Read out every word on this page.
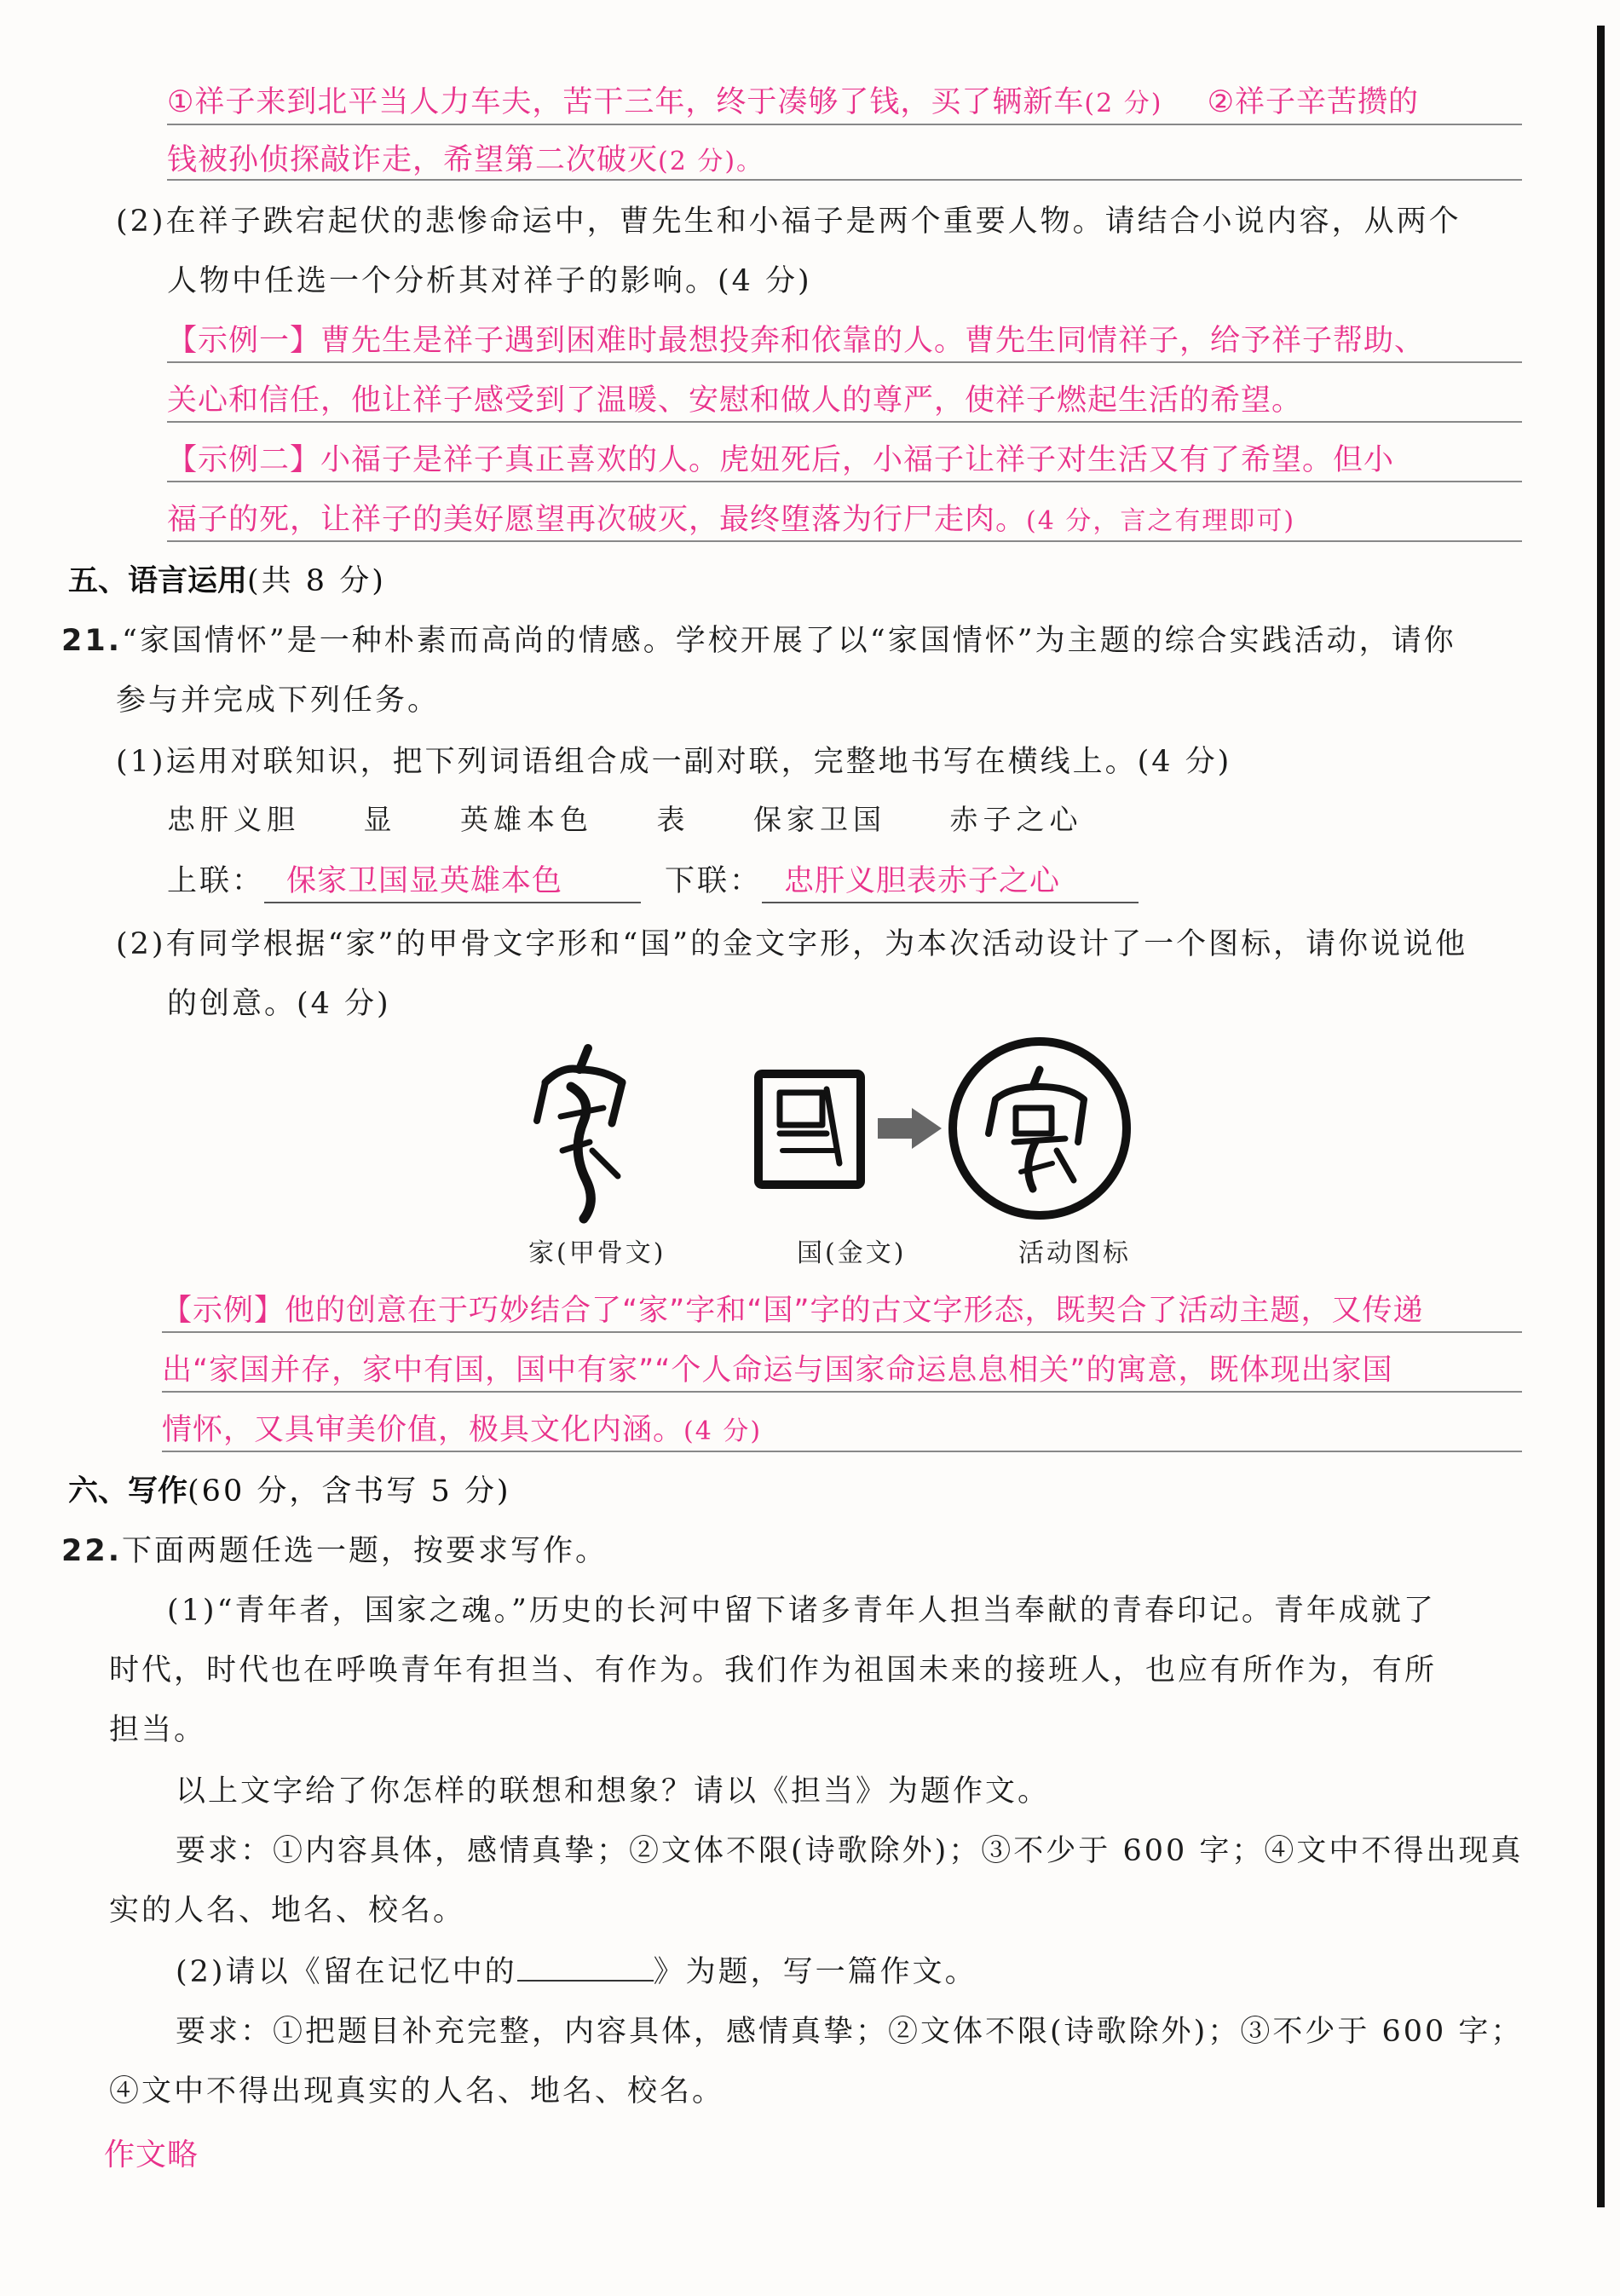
①祥子来到北平当人力车夫，苦干三年，终于凑够了钱，买了辆新车(2 分) ②祥子辛苦攒的
钱被孙侦探敲诈走，希望第二次破灭(2 分)。
(2)在祥子跌宕起伏的悲惨命运中，曹先生和小福子是两个重要人物。请结合小说内容，从两个
人物中任选一个分析其对祥子的影响。(4 分)
【示例一】曹先生是祥子遇到困难时最想投奔和依靠的人。曹先生同情祥子，给予祥子帮助、
关心和信任，他让祥子感受到了温暖、安慰和做人的尊严，使祥子燃起生活的希望。
【示例二】小福子是祥子真正喜欢的人。虎妞死后，小福子让祥子对生活又有了希望。但小
福子的死，让祥子的美好愿望再次破灭，最终堕落为行尸走肉。(4 分，言之有理即可)
五、语言运用(共 8 分)
21.“家国情怀”是一种朴素而高尚的情感。学校开展了以“家国情怀”为主题的综合实践活动，请你
参与并完成下列任务。
(1)运用对联知识，把下列词语组合成一副对联，完整地书写在横线上。(4 分)
忠肝义胆 显 英雄本色 表 保家卫国 赤子之心
上联： 保家卫国显英雄本色	下联： 忠肝义胆表赤子之心
(2)有同学根据“家”的甲骨文字形和“国”的金文字形，为本次活动设计了一个图标，请你说说他
的创意。(4 分)
家(甲骨文)	国(金文)	活动图标
【示例】他的创意在于巧妙结合了“家”字和“国”字的古文字形态，既契合了活动主题，又传递
出“家国并存，家中有国，国中有家”“个人命运与国家命运息息相关”的寓意，既体现出家国
情怀，又具审美价值，极具文化内涵。(4 分)
六、写作(60 分，含书写 5 分)
22.下面两题任选一题，按要求写作。
(1)“青年者，国家之魂。”历史的长河中留下诸多青年人担当奉献的青春印记。青年成就了
时代，时代也在呼唤青年有担当、有作为。我们作为祖国未来的接班人，也应有所作为，有所
担当。
以上文字给了你怎样的联想和想象？请以《担当》为题作文。
要求：①内容具体，感情真挚；②文体不限(诗歌除外)；③不少于 600 字；④文中不得出现真
实的人名、地名、校名。
(2)请以《留在记忆中的	》为题，写一篇作文。
要求：①把题目补充完整，内容具体，感情真挚；②文体不限(诗歌除外)；③不少于 600 字；
④文中不得出现真实的人名、地名、校名。
作文略
